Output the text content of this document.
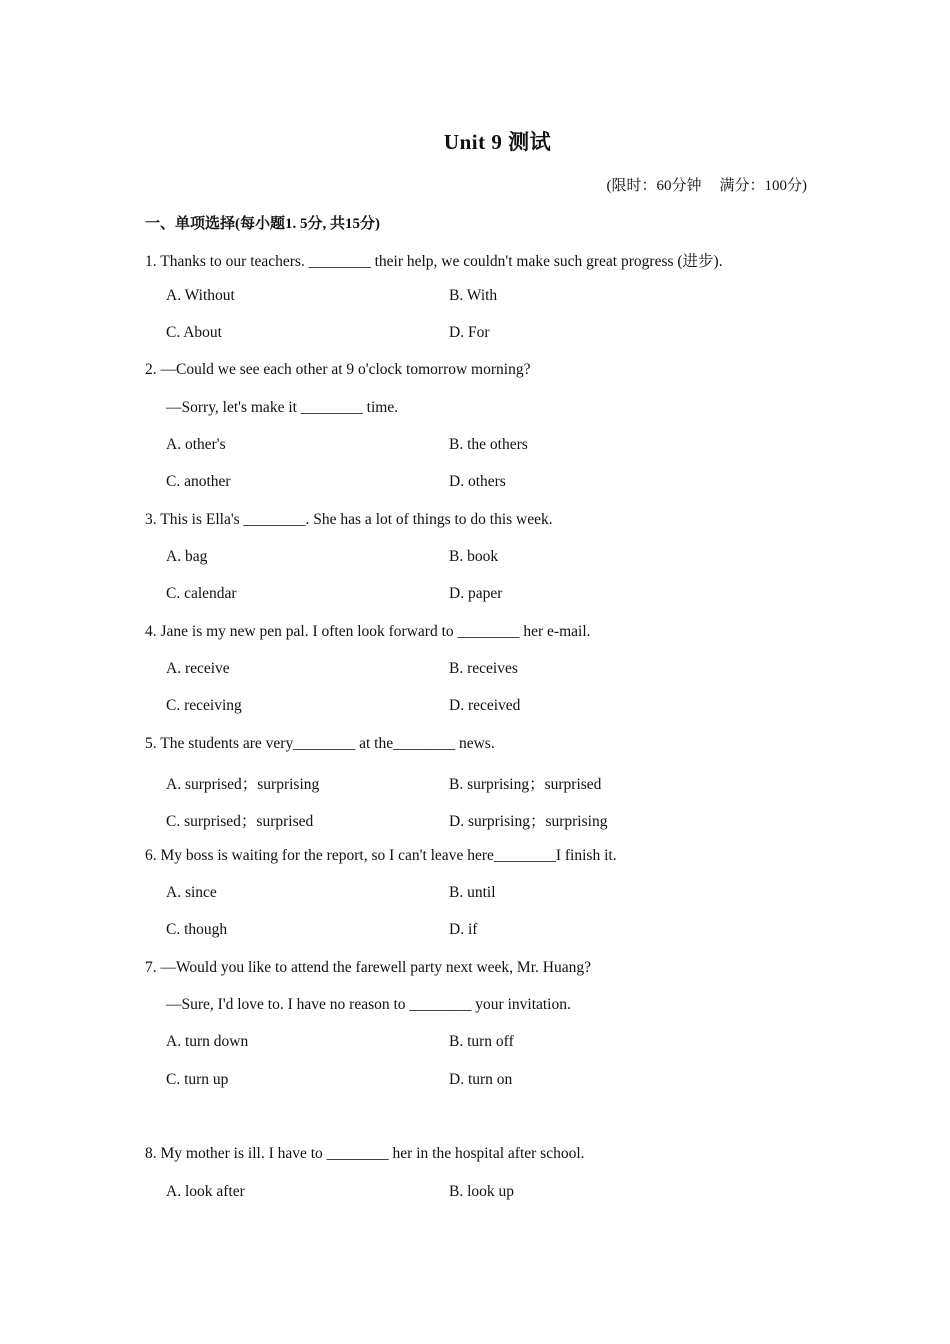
Unit 9 测试
(限时：60分钟 满分：100分)
一、单项选择(每小题1. 5分, 共15分)
1. Thanks to our teachers. ________ their help, we couldn't make such great progress (进步).
A. Without	B. With
C. About	D. For
2. —Could we see each other at 9 o'clock tomorrow morning?
—Sorry, let's make it ________ time.
A. other's	B. the others
C. another	D. others
3. This is Ella's ________. She has a lot of things to do this week.
A. bag	B. book
C. calendar	D. paper
4. Jane is my new pen pal. I often look forward to ________ her e-mail.
A. receive	B. receives
C. receiving	D. received
5. The students are very________ at the________ news.
A. surprised；surprising	B. surprising；surprised
C. surprised；surprised	D. surprising；surprising
6. My boss is waiting for the report, so I can't leave here________I finish it.
A. since	B. until
C. though	D. if
7. —Would you like to attend the farewell party next week, Mr. Huang?
—Sure, I'd love to. I have no reason to ________ your invitation.
A. turn down	B. turn off
C. turn up	D. turn on
8. My mother is ill. I have to ________ her in the hospital after school.
A. look after	B. look up
